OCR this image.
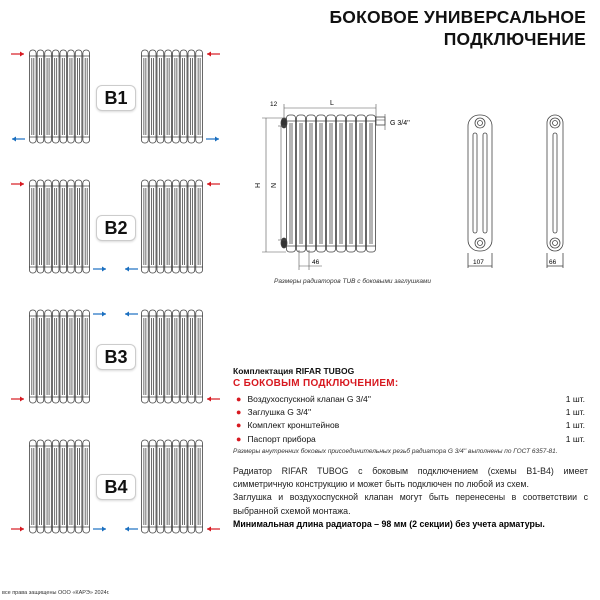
БОКОВОЕ УНИВЕРСАЛЬНОЕ
ПОДКЛЮЧЕНИЕ
B1
B2
B3
B4
12	L
G 3/4''
H N
46	107	66
Размеры радиаторов TUB с боковыми заглушками
Комплектация RIFAR TUBOG
С БОКОВЫМ ПОДКЛЮЧЕНИЕМ:
● Воздухоспускной клапан G 3/4''	1 шт.
● Заглушка G 3/4''	1 шт.
● Комплект кронштейнов	1 шт.
● Паспорт прибора	1 шт.
Размеры внутренних боковых присоединительных резьб радиатора G 3/4'' выполнены по ГОСТ 6357-81.
Радиатор RIFAR TUBOG с боковым подключением (схемы В1-В4) имеет симметричную конструкцию и может быть подключен по любой из схем.
Заглушка и воздухоспускной клапан могут быть перенесены в соответствии с выбранной схемой монтажа.
Минимальная длина радиатора – 98 мм (2 секции) без учета арматуры.
все права защищены ООО «КАРЭ» 2024г.
